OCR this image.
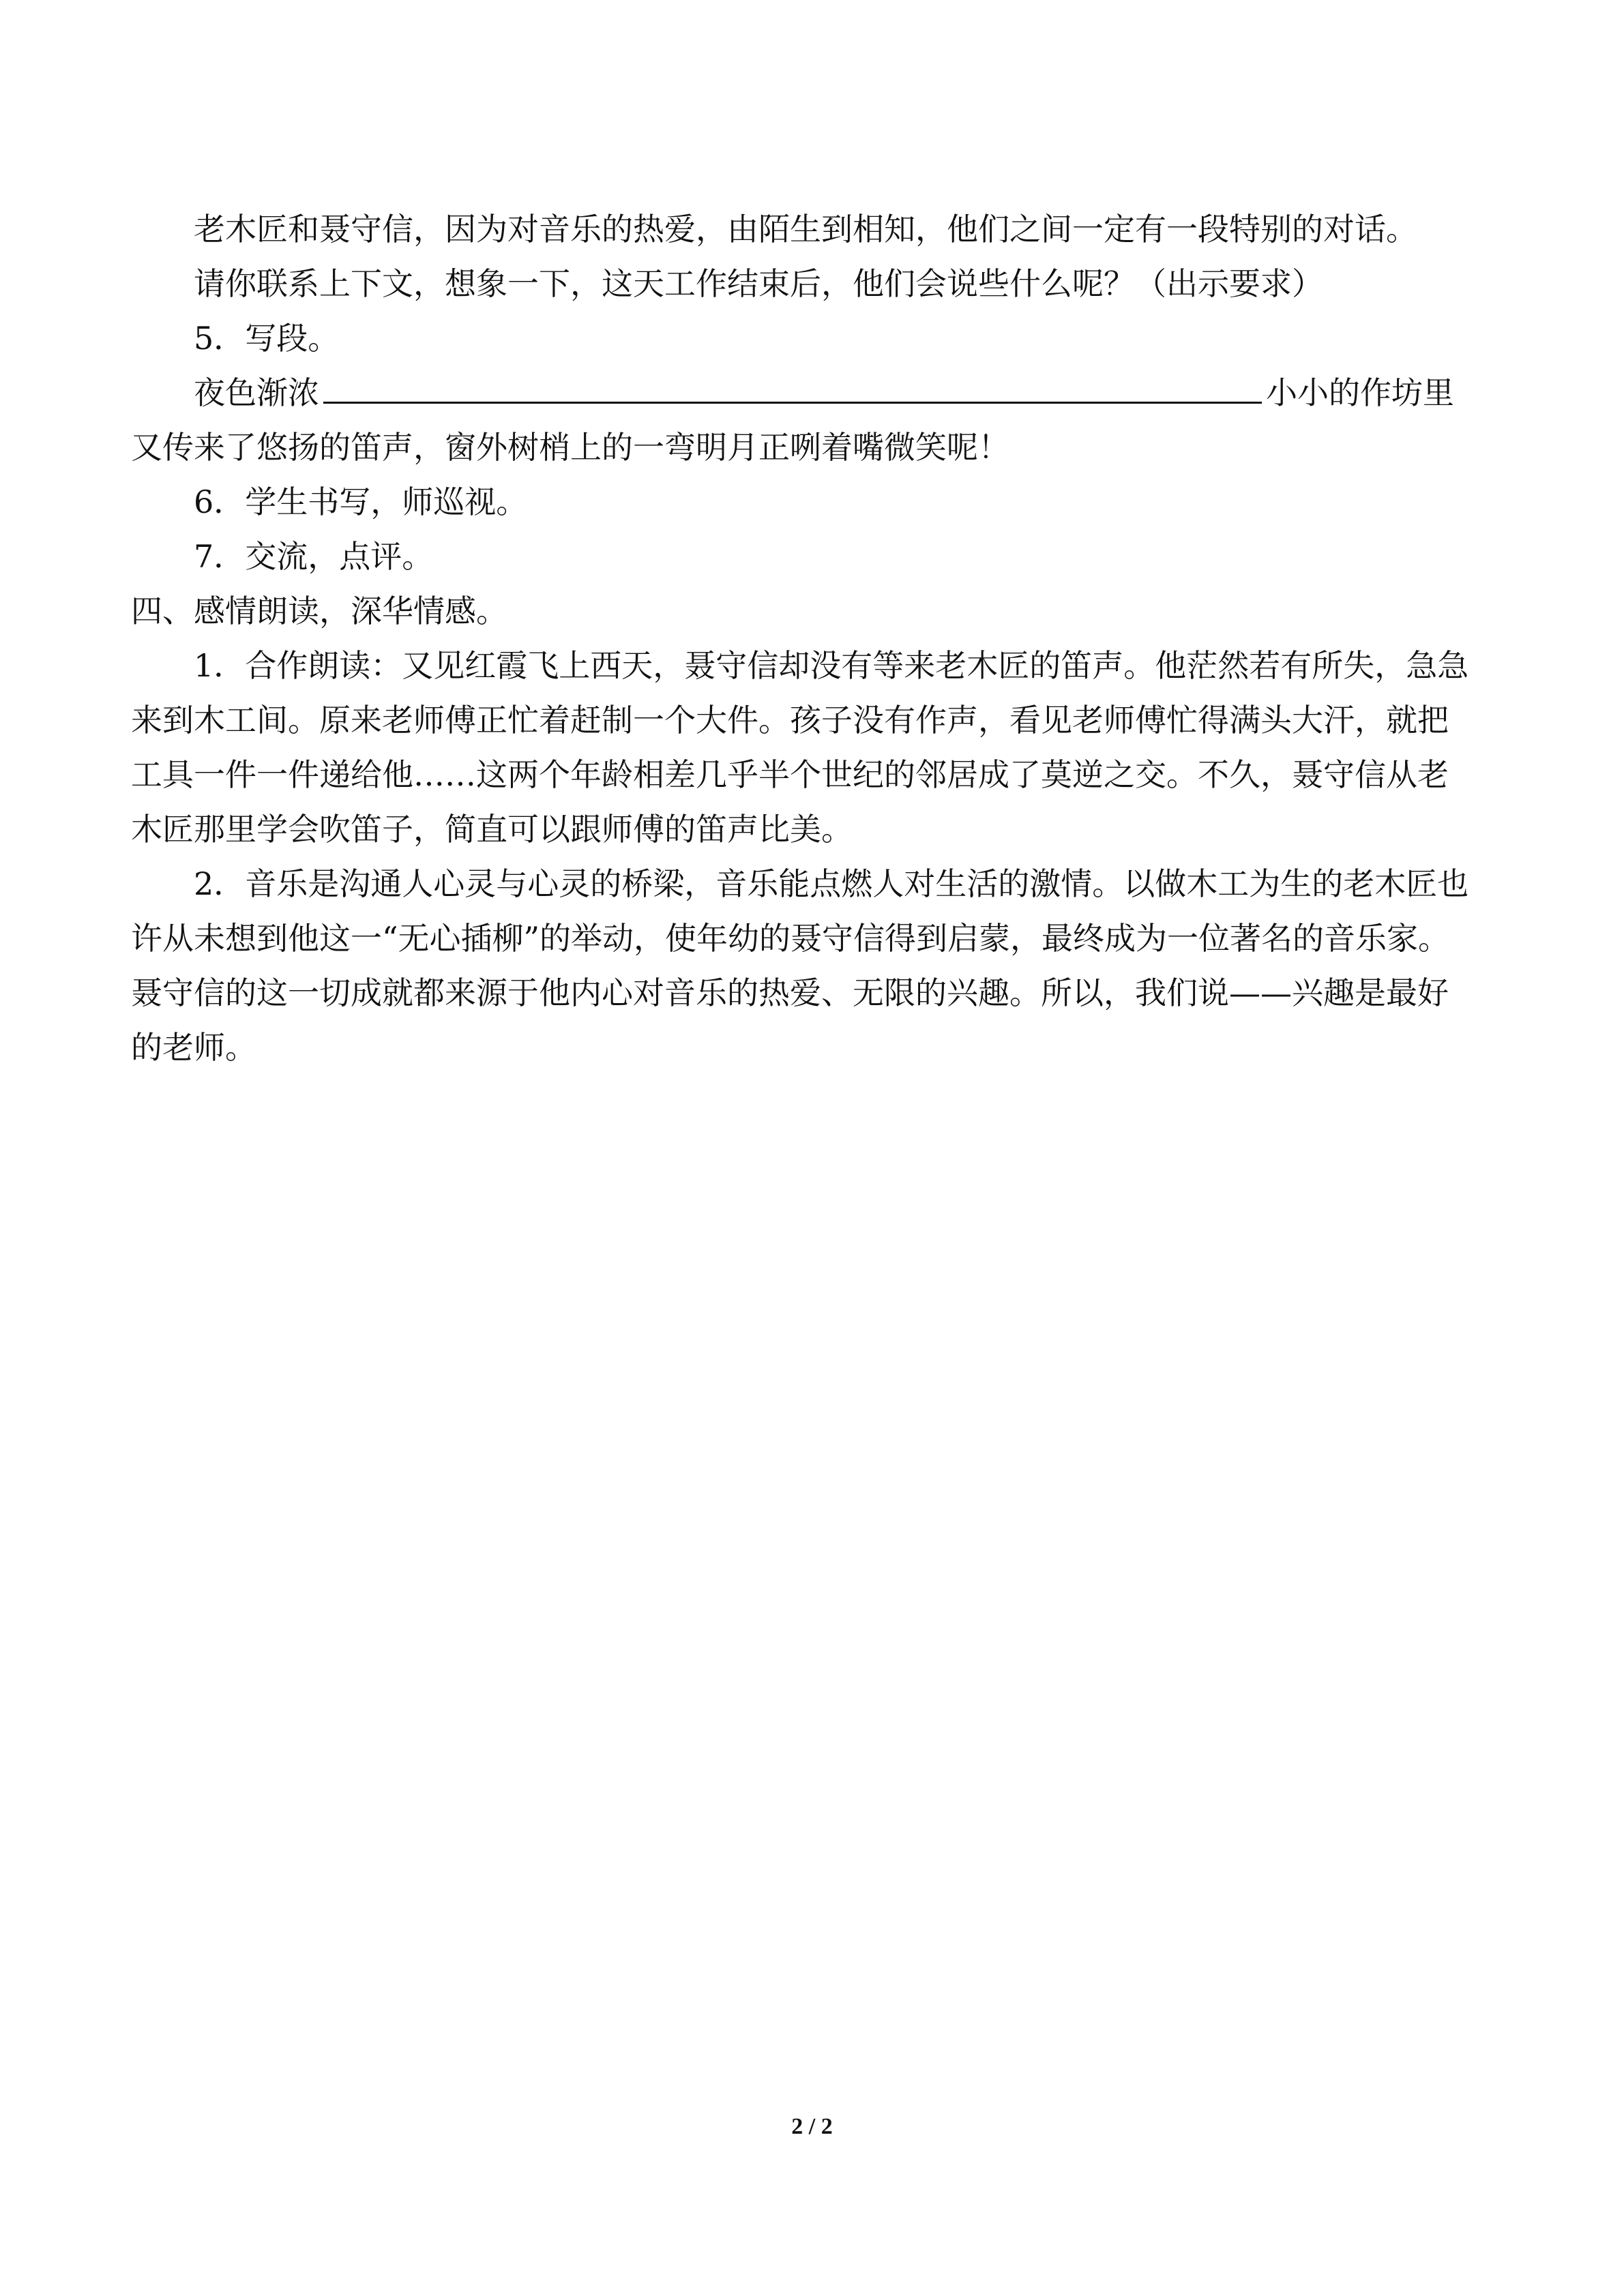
老木匠和聂守信，因为对音乐的热爱，由陌生到相知，他们之间一定有一段特别的对话。

请你联系上下文，想象一下，这天工作结束后，他们会说些什么呢？（出示要求）

5．写段。

夜色渐浓	小小的作坊里又传来了悠扬的笛声，窗外树梢上的一弯明月正咧着嘴微笑呢！

6．学生书写，师巡视。

7．交流，点评。

四、感情朗读，深华情感。

1．合作朗读：又见红霞飞上西天，聂守信却没有等来老木匠的笛声。他茫然若有所失，急急来到木工间。原来老师傅正忙着赶制一个大件。孩子没有作声，看见老师傅忙得满头大汗，就把工具一件一件递给他……这两个年龄相差几乎半个世纪的邻居成了莫逆之交。不久，聂守信从老木匠那里学会吹笛子，简直可以跟师傅的笛声比美。

2．音乐是沟通人心灵与心灵的桥梁，音乐能点燃人对生活的激情。以做木工为生的老木匠也许从未想到他这一“无心插柳”的举动，使年幼的聂守信得到启蒙，最终成为一位著名的音乐家。聂守信的这一切成就都来源于他内心对音乐的热爱、无限的兴趣。所以，我们说——兴趣是最好的老师。

2 / 2
